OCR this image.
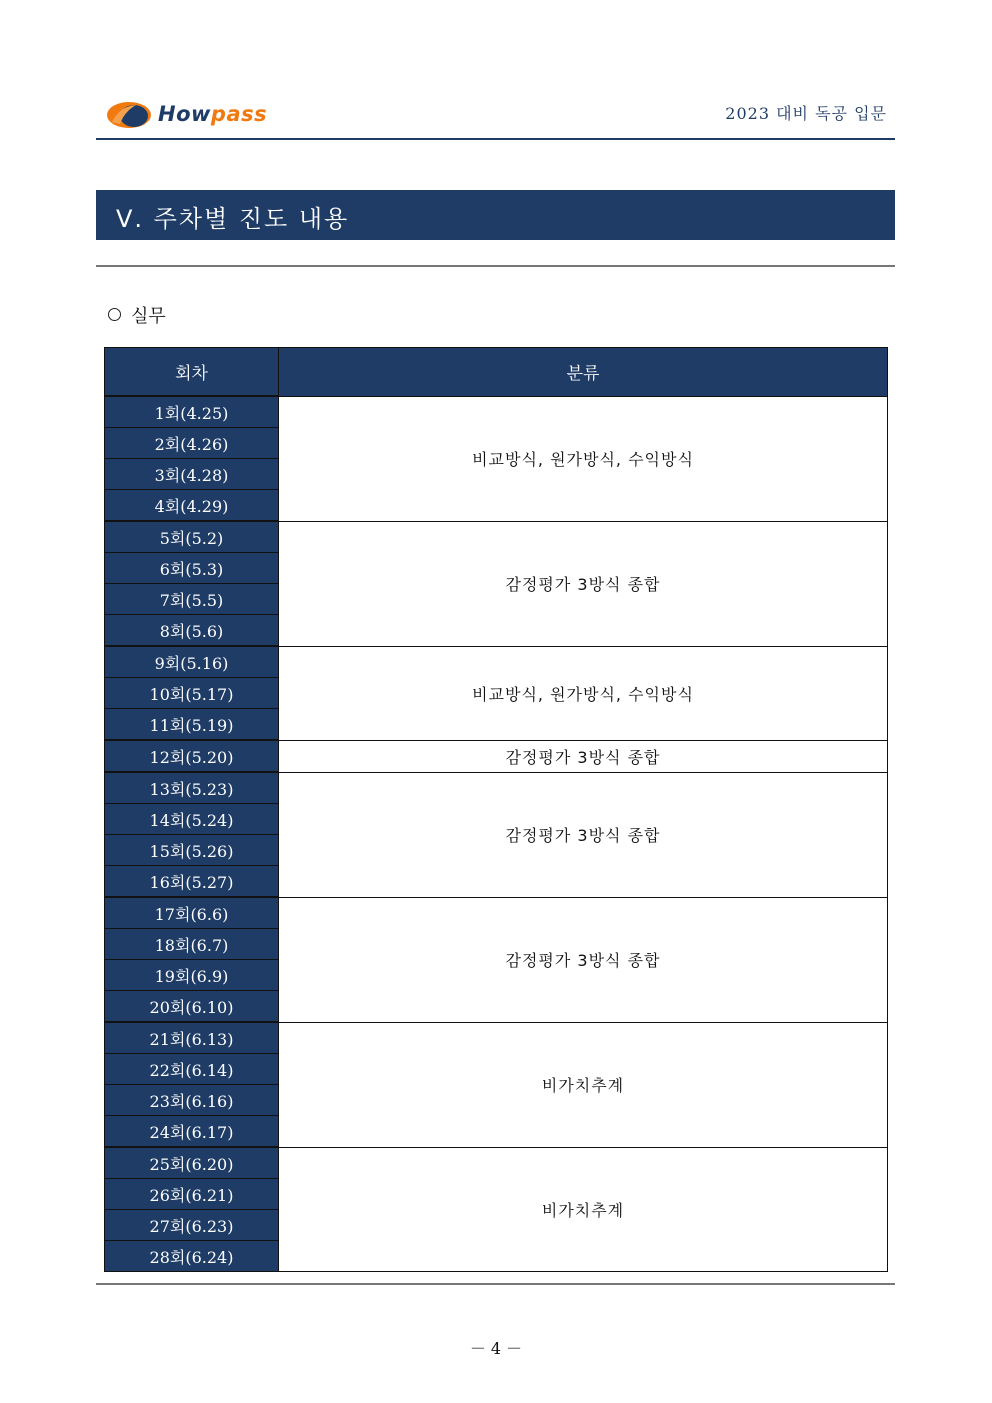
Howpass	2023 대비 독공 입문
Ⅴ. 주차별 진도 내용
실무
회차	분류
1회(4.25)	비교방식, 원가방식, 수익방식
2회(4.26)	
3회(4.28)	
4회(4.29)	
5회(5.2)	감정평가 3방식 종합
6회(5.3)	
7회(5.5)	
8회(5.6)	
9회(5.16)	비교방식, 원가방식, 수익방식
10회(5.17)	
11회(5.19)	
12회(5.20)	감정평가 3방식 종합
13회(5.23)	감정평가 3방식 종합
14회(5.24)	
15회(5.26)	
16회(5.27)	
17회(6.6)	감정평가 3방식 종합
18회(6.7)	
19회(6.9)	
20회(6.10)	
21회(6.13)	비가치추계
22회(6.14)	
23회(6.16)	
24회(6.17)	
25회(6.20)	비가치추계
26회(6.21)	
27회(6.23)	
28회(6.24)	
－ 4 －
